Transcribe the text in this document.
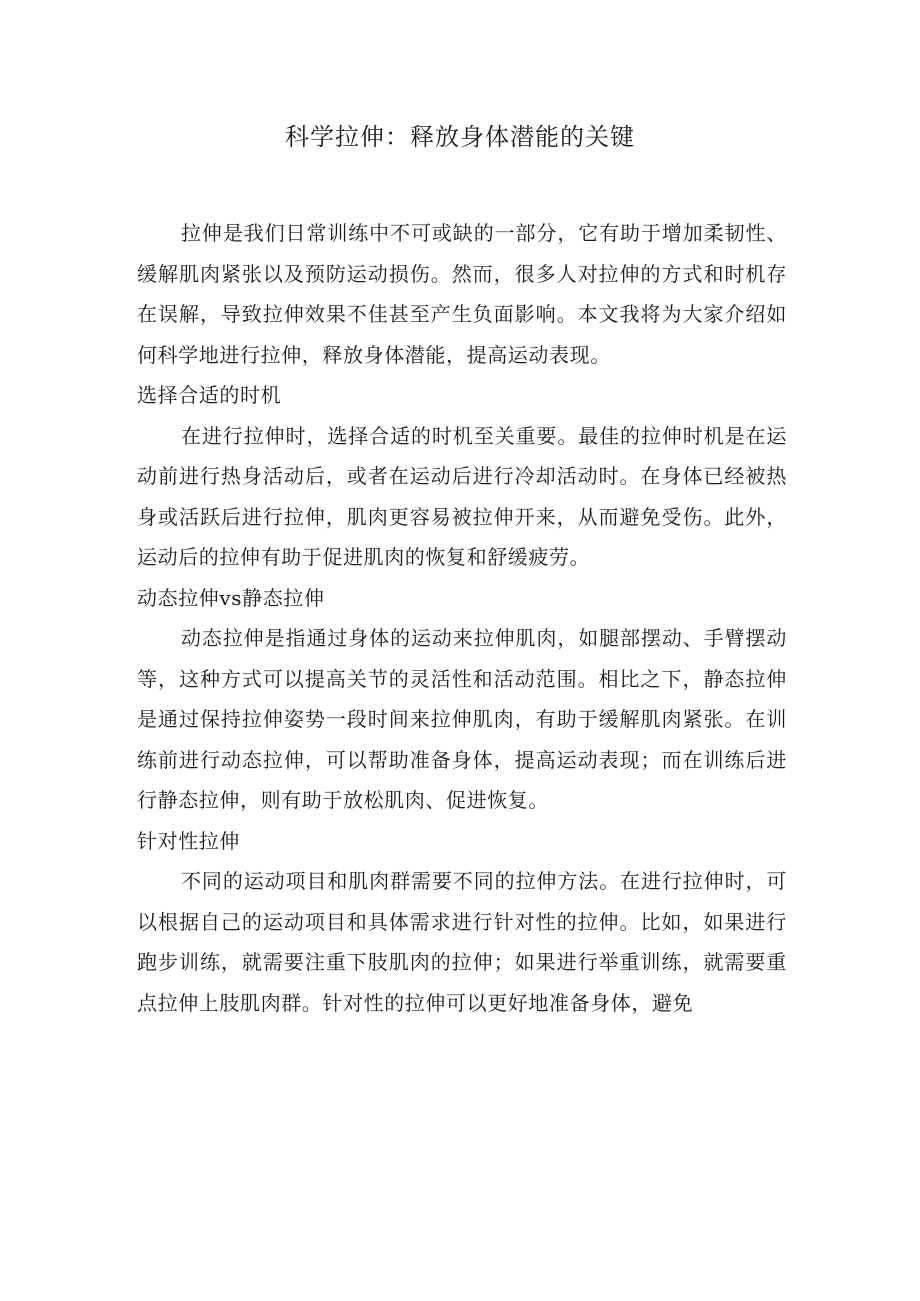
科学拉伸：释放身体潜能的关键

拉伸是我们日常训练中不可或缺的一部分，它有助于增加柔韧性、缓解肌肉紧张以及预防运动损伤。然而，很多人对拉伸的方式和时机存在误解，导致拉伸效果不佳甚至产生负面影响。本文我将为大家介绍如何科学地进行拉伸，释放身体潜能，提高运动表现。

选择合适的时机

在进行拉伸时，选择合适的时机至关重要。最佳的拉伸时机是在运动前进行热身活动后，或者在运动后进行冷却活动时。在身体已经被热身或活跃后进行拉伸，肌肉更容易被拉伸开来，从而避免受伤。此外，运动后的拉伸有助于促进肌肉的恢复和舒缓疲劳。

动态拉伸vs静态拉伸

动态拉伸是指通过身体的运动来拉伸肌肉，如腿部摆动、手臂摆动等，这种方式可以提高关节的灵活性和活动范围。相比之下，静态拉伸是通过保持拉伸姿势一段时间来拉伸肌肉，有助于缓解肌肉紧张。在训练前进行动态拉伸，可以帮助准备身体，提高运动表现；而在训练后进行静态拉伸，则有助于放松肌肉、促进恢复。

针对性拉伸

不同的运动项目和肌肉群需要不同的拉伸方法。在进行拉伸时，可以根据自己的运动项目和具体需求进行针对性的拉伸。比如，如果进行跑步训练，就需要注重下肢肌肉的拉伸；如果进行举重训练，就需要重点拉伸上肢肌肉群。针对性的拉伸可以更好地准备身体，避免
